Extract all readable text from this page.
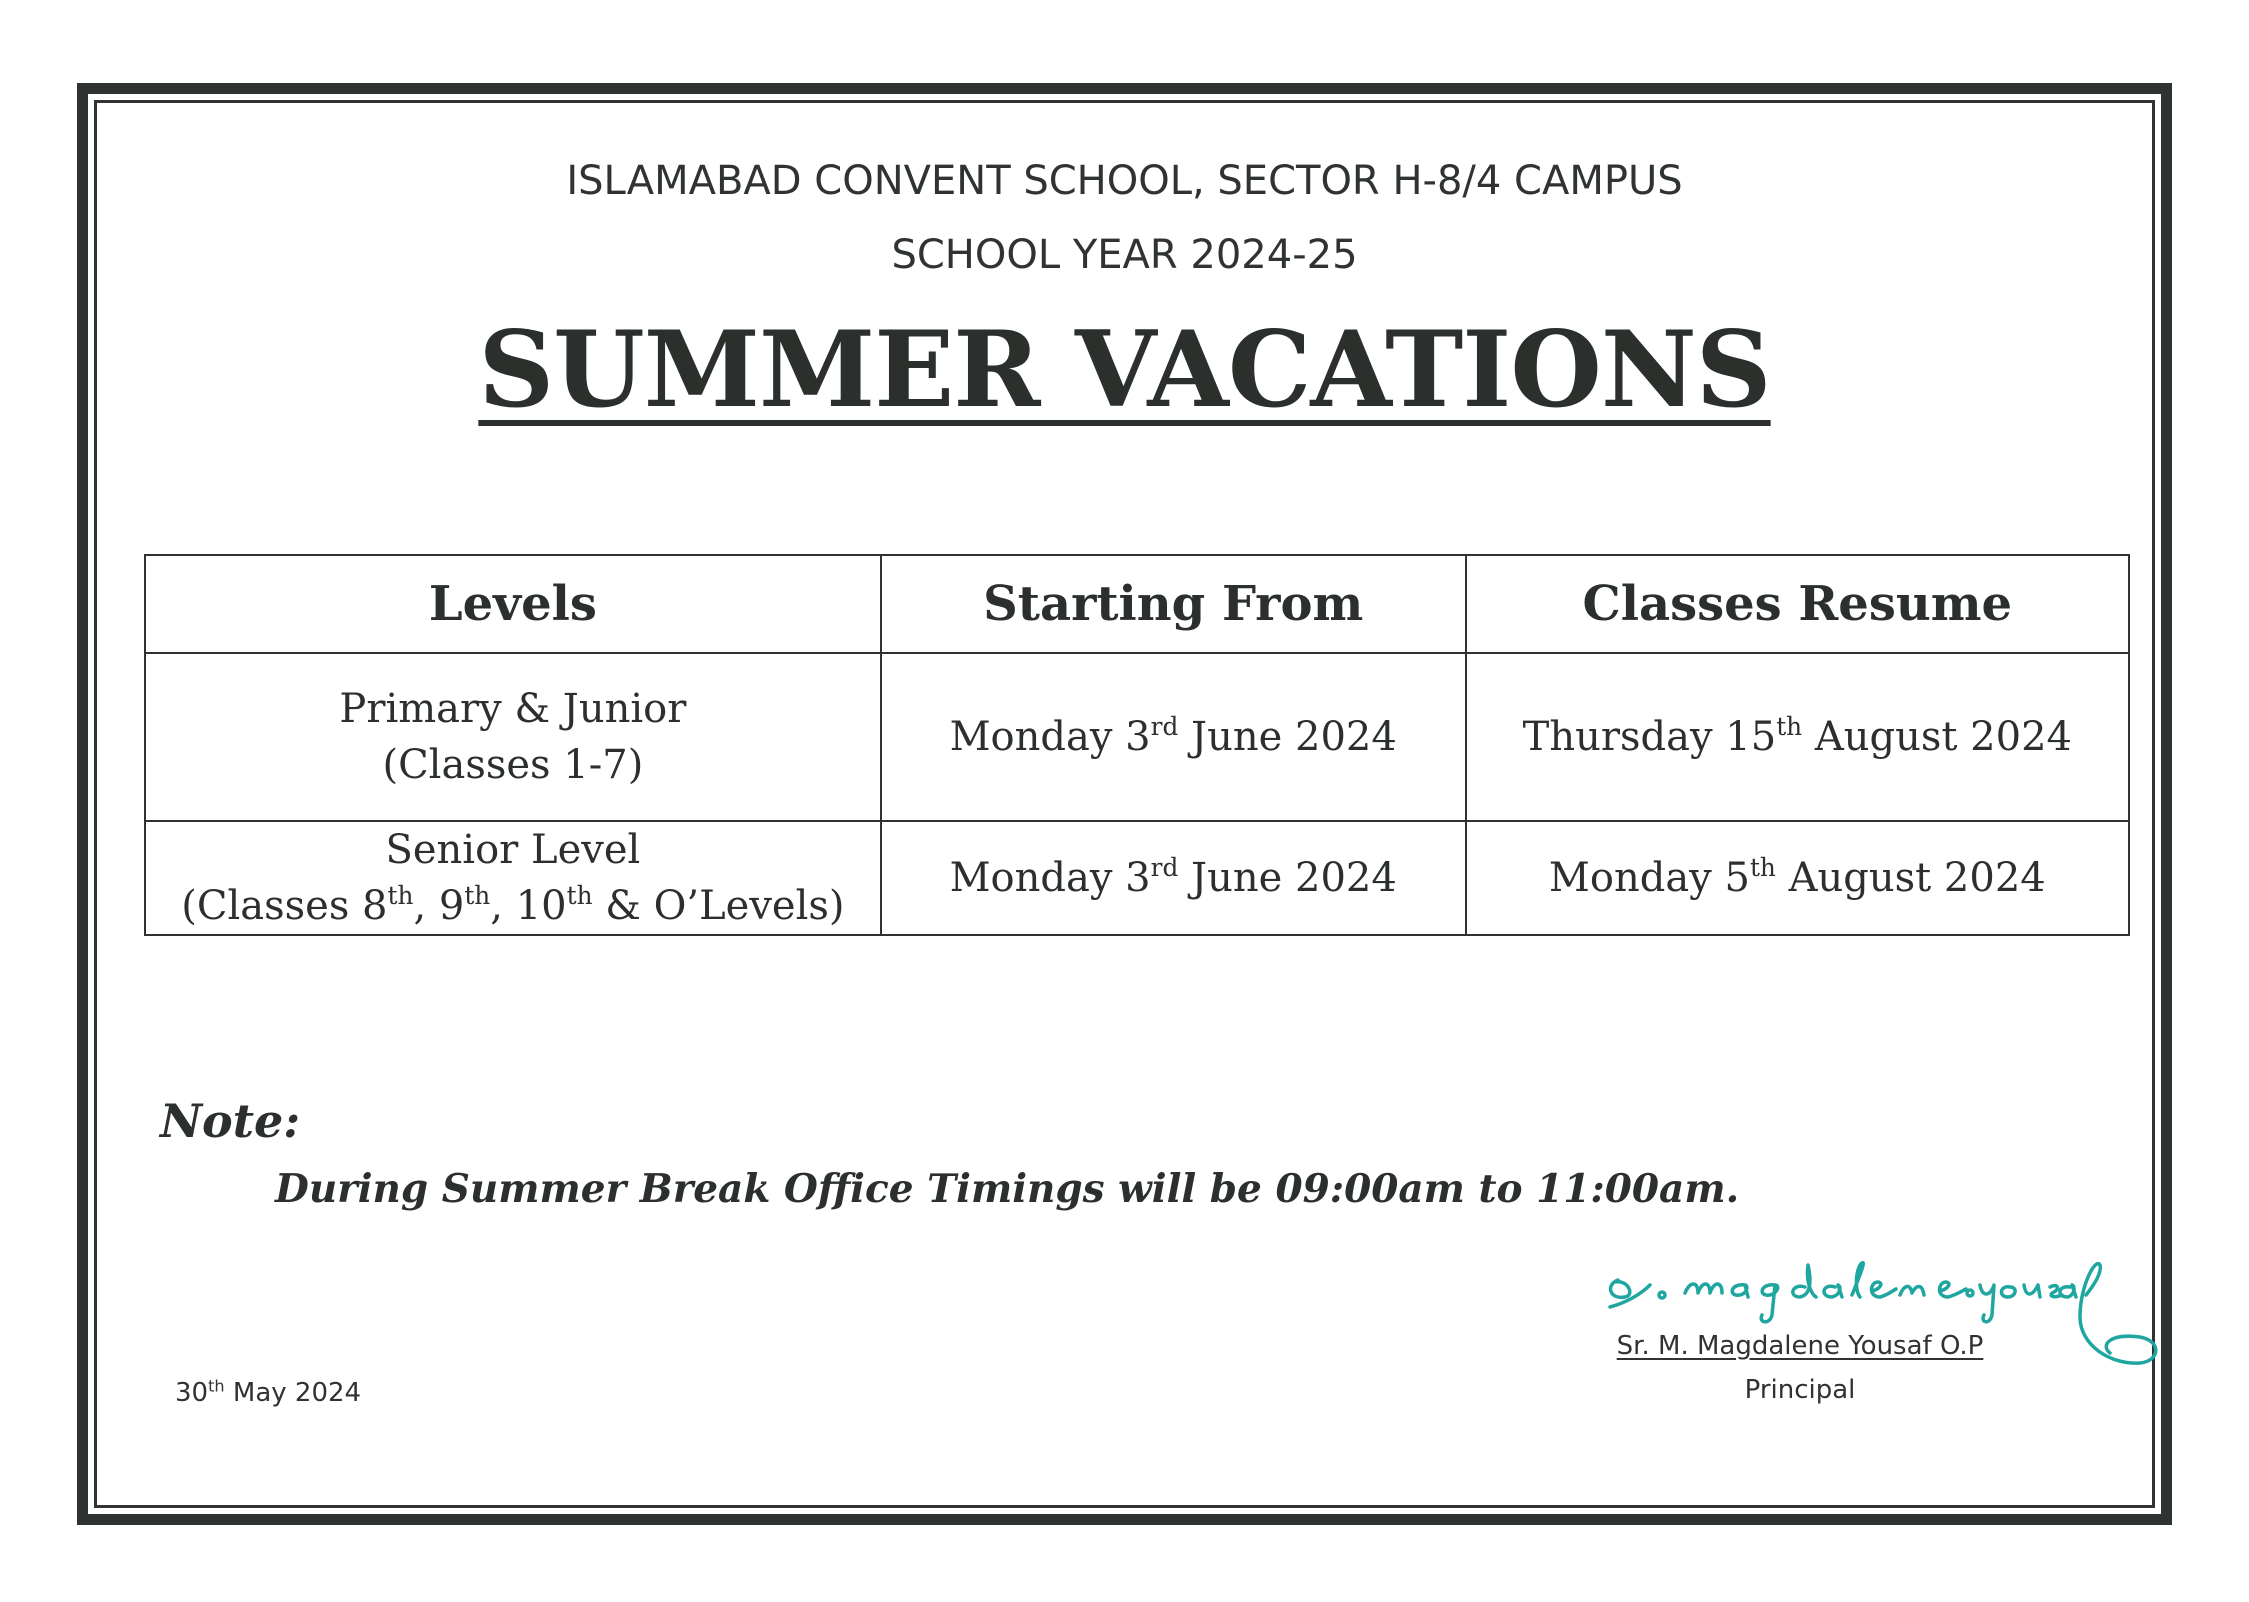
ISLAMABAD CONVENT SCHOOL, SECTOR H-8/4 CAMPUS
SCHOOL YEAR 2024-25
SUMMER VACATIONS
Levels	Starting From	Classes Resume

Primary & Junior
(Classes 1-7)	Monday 3rd June 2024	Thursday 15th August 2024

Senior Level
(Classes 8th, 9th, 10th & O’Levels)	Monday 3rd June 2024	Monday 5th August 2024
Note:
During Summer Break Office Timings will be 09:00am to 11:00am.
Sr. M. Magdalene Yousaf O.P
Principal
30th May 2024
